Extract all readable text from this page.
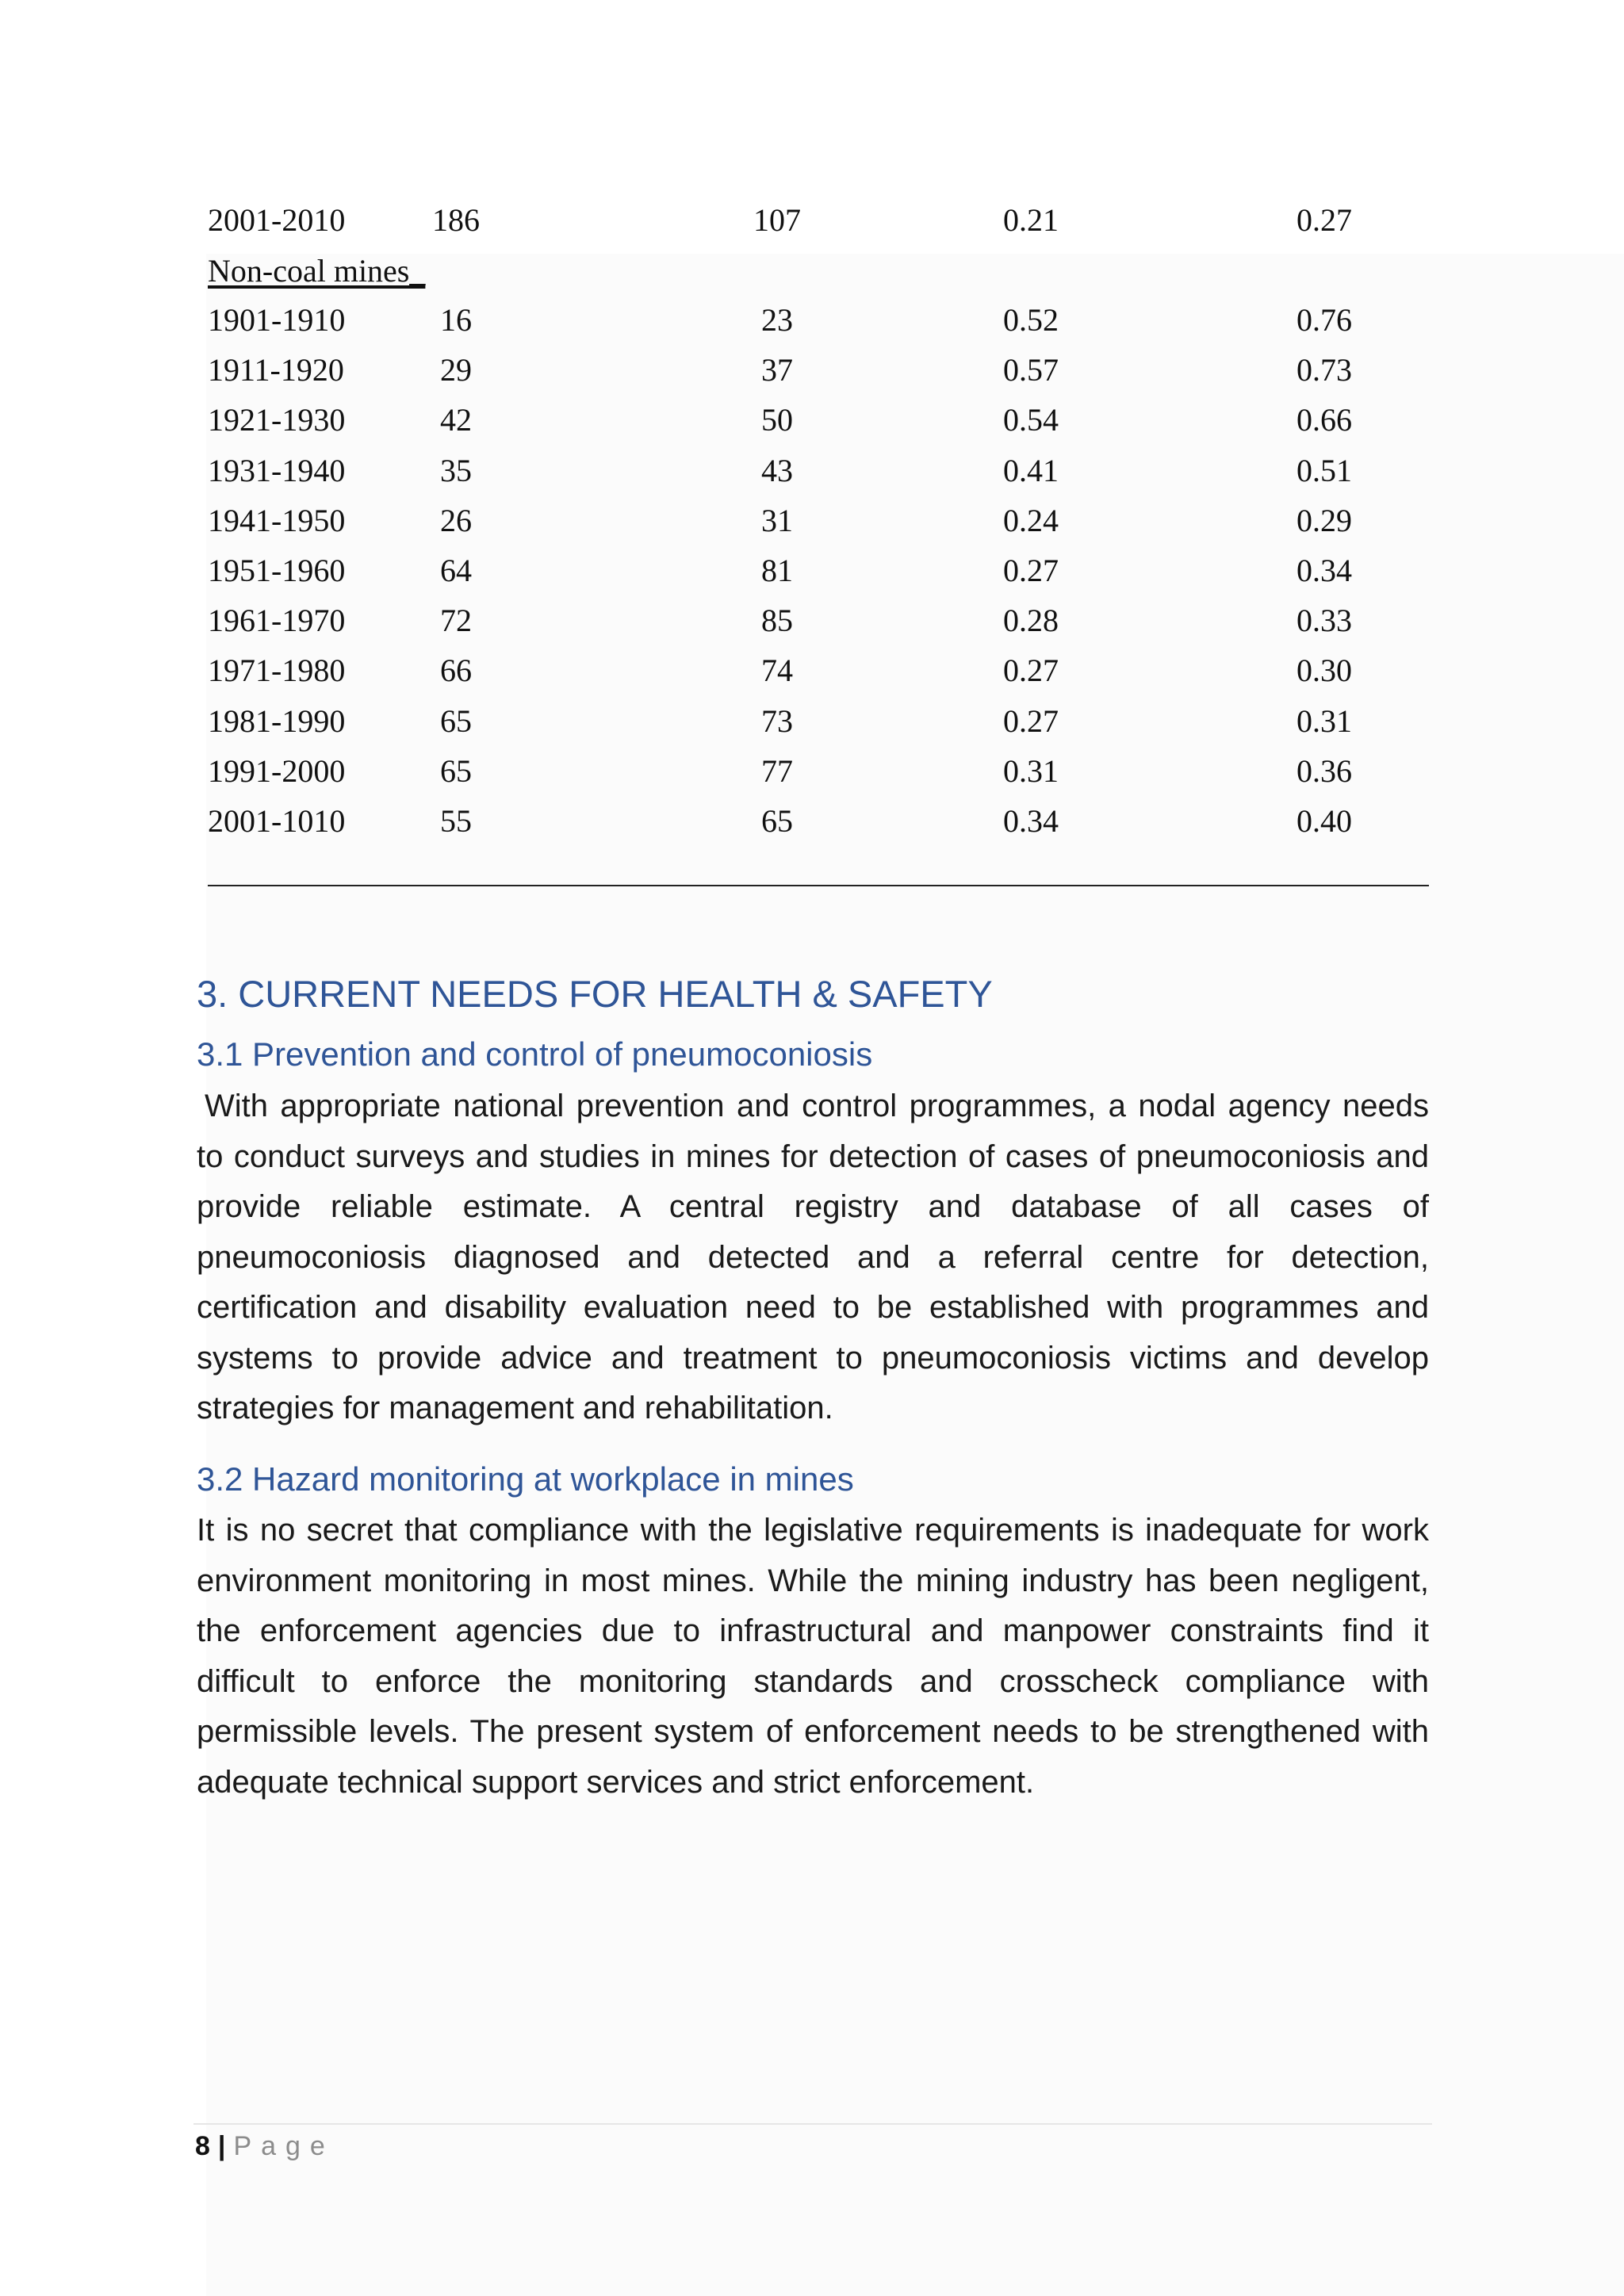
2001-2010	186	107	0.21	0.27
Non-coal mines_
1901-1910	16	23	0.52	0.76
1911-1920	29	37	0.57	0.73
1921-1930	42	50	0.54	0.66
1931-1940	35	43	0.41	0.51
1941-1950	26	31	0.24	0.29
1951-1960	64	81	0.27	0.34
1961-1970	72	85	0.28	0.33
1971-1980	66	74	0.27	0.30
1981-1990	65	73	0.27	0.31
1991-2000	65	77	0.31	0.36
2001-1010	55	65	0.34	0.40
3. CURRENT NEEDS FOR HEALTH & SAFETY
3.1 Prevention and control of pneumoconiosis

With appropriate national prevention and control programmes, a nodal agency needs to conduct surveys and studies in mines for detection of cases of pneumoconiosis and provide reliable estimate. A central registry and database of all cases of pneumoconiosis diagnosed and detected and a referral centre for detection, certification and disability evaluation need to be established with programmes and systems to provide advice and treatment to pneumoconiosis victims and develop strategies for management and rehabilitation.

3.2 Hazard monitoring at workplace in mines

It is no secret that compliance with the legislative requirements is inadequate for work environment monitoring in most mines. While the mining industry has been negligent, the enforcement agencies due to infrastructural and manpower constraints find it difficult to enforce the monitoring standards and crosscheck compliance with permissible levels. The present system of enforcement needs to be strengthened with adequate technical support services and strict enforcement.

8 | Page
